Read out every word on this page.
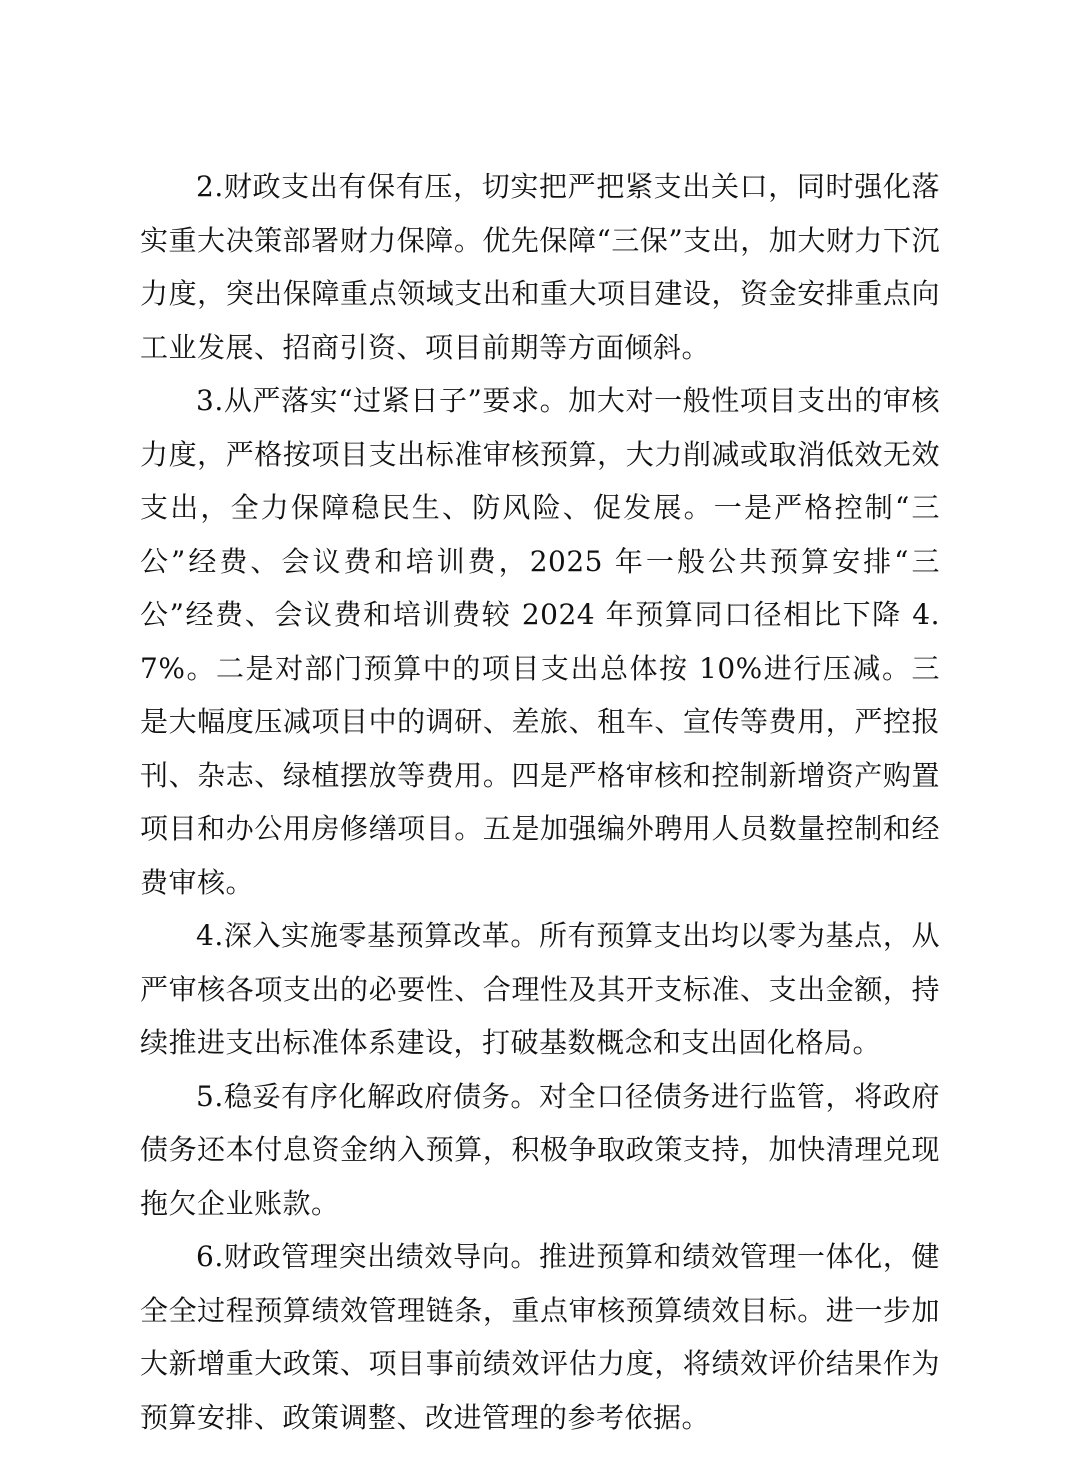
2.财政支出有保有压，切实把严把紧支出关口，同时强化落实重大决策部署财力保障。优先保障“三保”支出，加大财力下沉力度，突出保障重点领域支出和重大项目建设，资金安排重点向工业发展、招商引资、项目前期等方面倾斜。

3.从严落实“过紧日子”要求。加大对一般性项目支出的审核力度，严格按项目支出标准审核预算，大力削减或取消低效无效支出，全力保障稳民生、防风险、促发展。一是严格控制“三公”经费、会议费和培训费，2025 年一般公共预算安排“三公”经费、会议费和培训费较 2024 年预算同口径相比下降 4.7%。二是对部门预算中的项目支出总体按 10%进行压减。三是大幅度压减项目中的调研、差旅、租车、宣传等费用，严控报刊、杂志、绿植摆放等费用。四是严格审核和控制新增资产购置项目和办公用房修缮项目。五是加强编外聘用人员数量控制和经费审核。

4.深入实施零基预算改革。所有预算支出均以零为基点，从严审核各项支出的必要性、合理性及其开支标准、支出金额，持续推进支出标准体系建设，打破基数概念和支出固化格局。

5.稳妥有序化解政府债务。对全口径债务进行监管，将政府债务还本付息资金纳入预算，积极争取政策支持，加快清理兑现拖欠企业账款。

6.财政管理突出绩效导向。推进预算和绩效管理一体化，健全全过程预算绩效管理链条，重点审核预算绩效目标。进一步加大新增重大政策、项目事前绩效评估力度，将绩效评价结果作为预算安排、政策调整、改进管理的参考依据。
